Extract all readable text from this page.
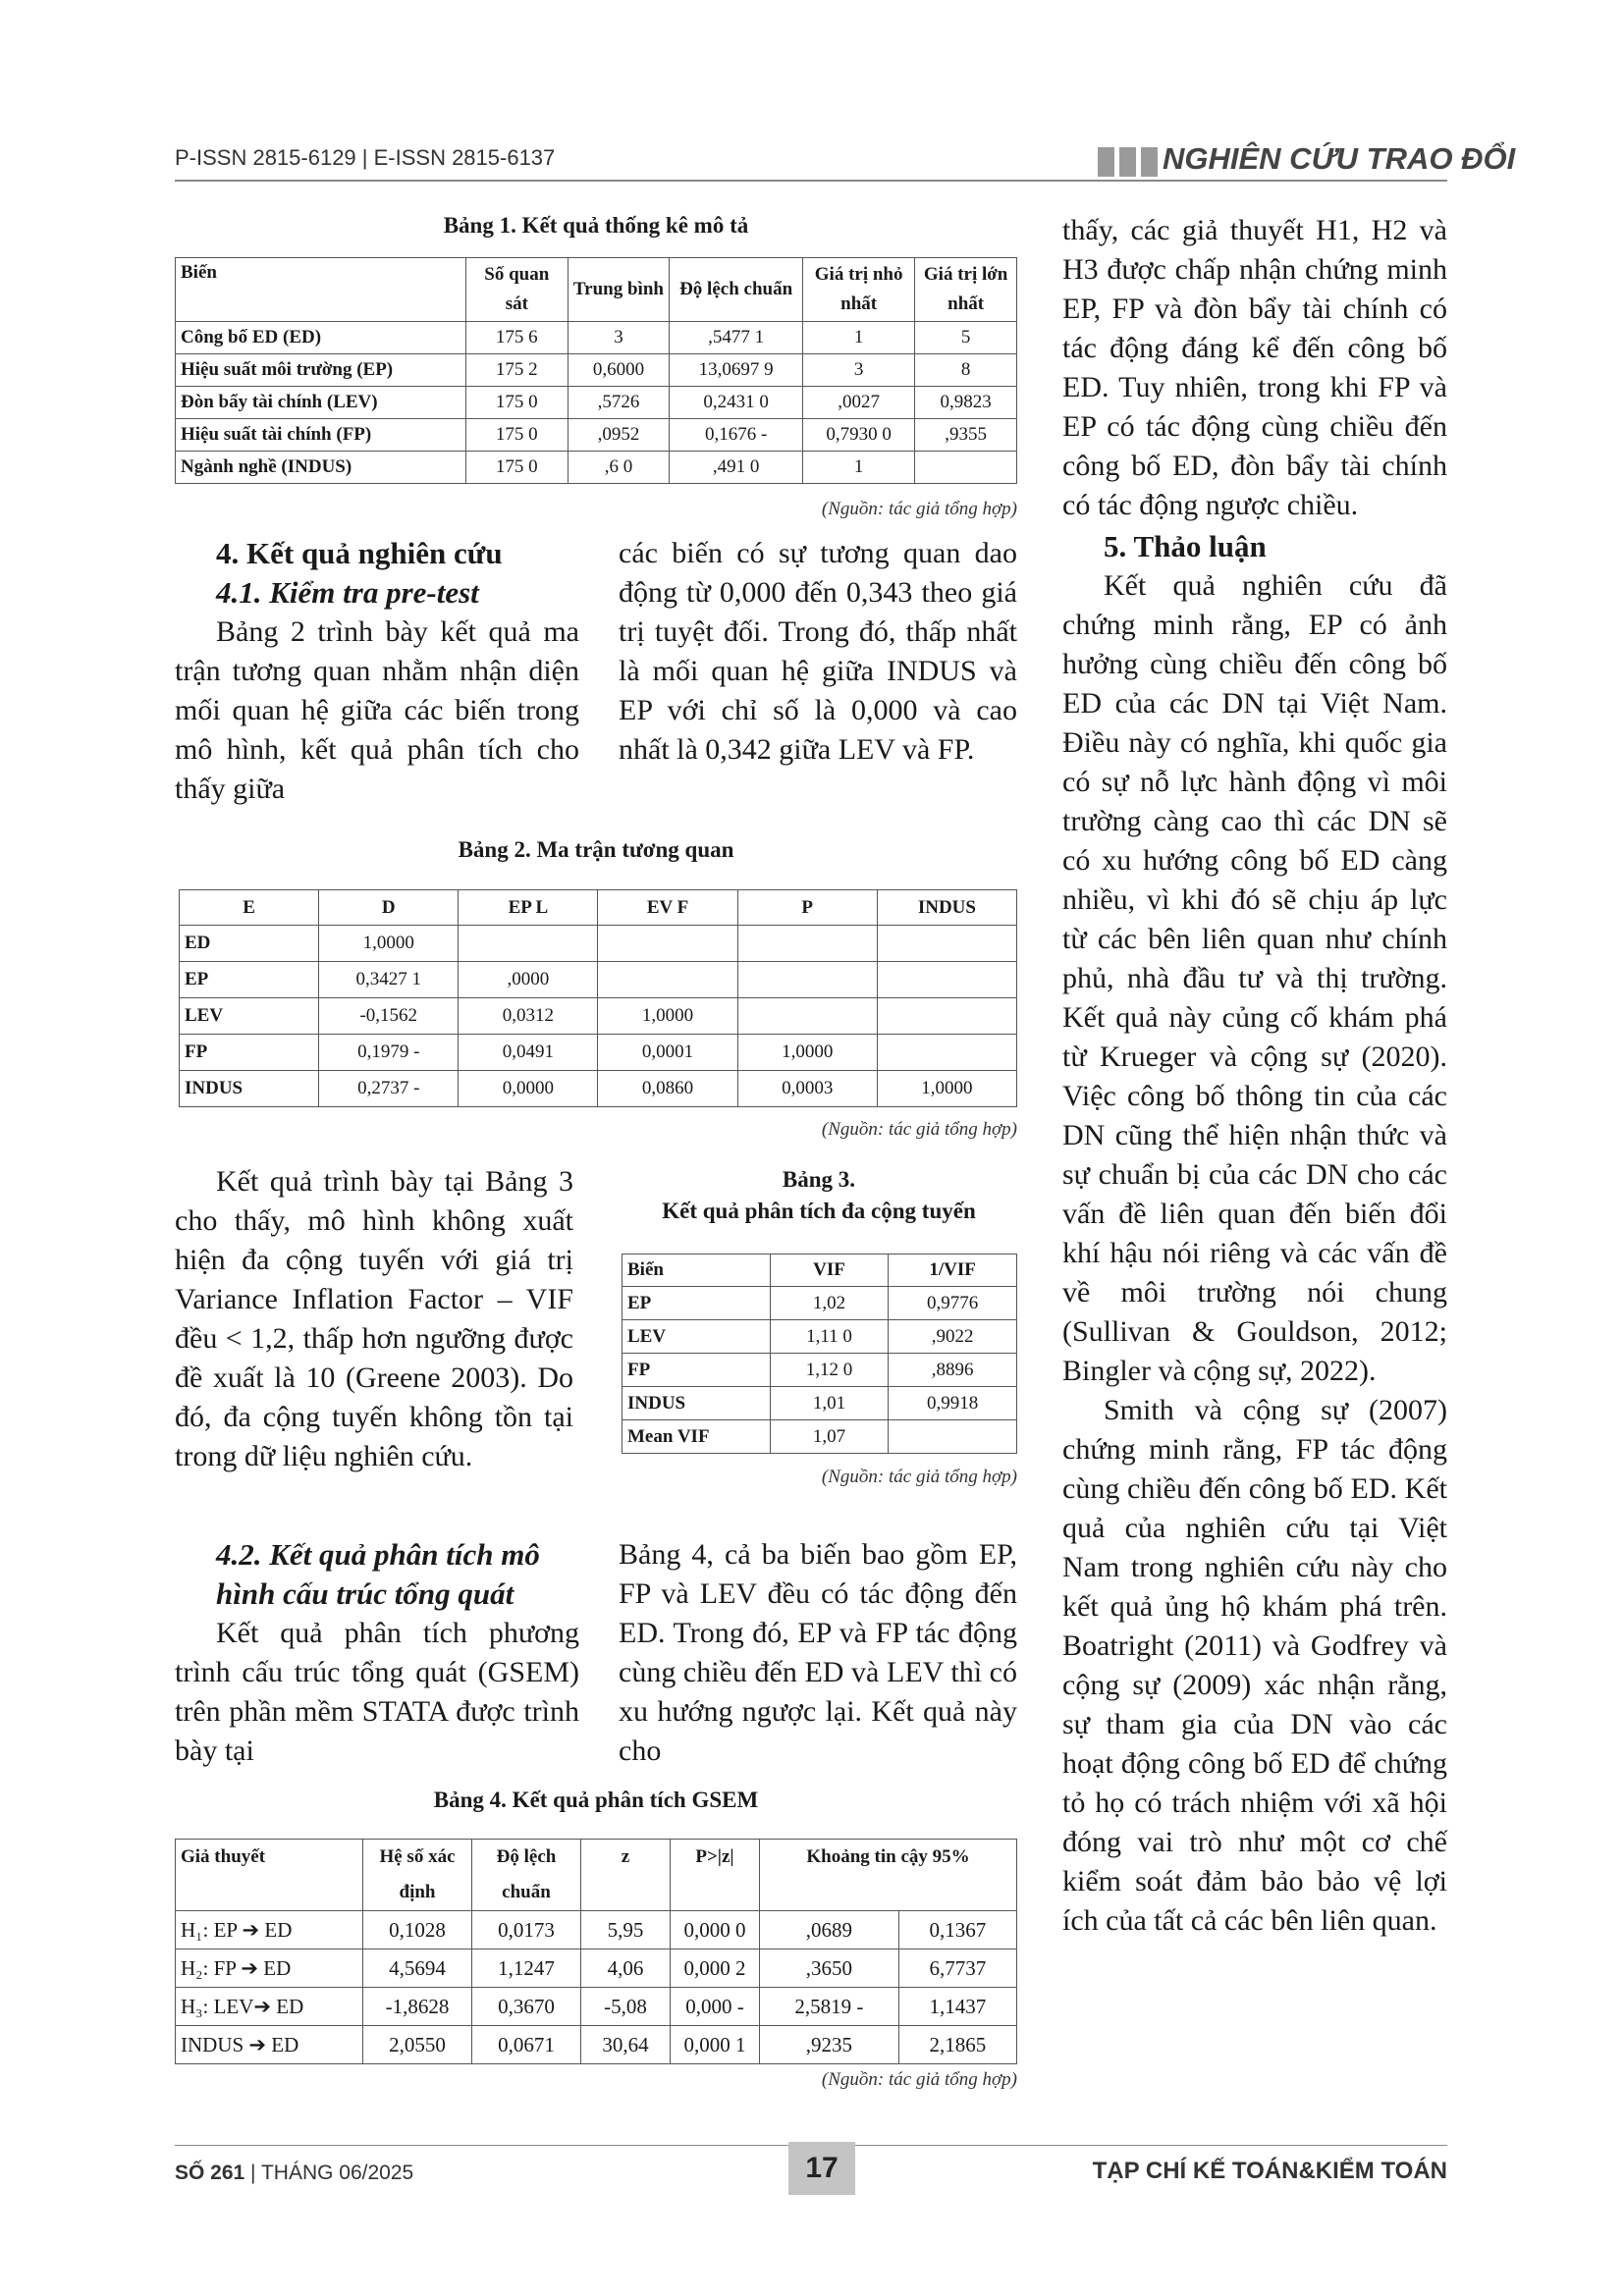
P-ISSN 2815-6129 | E-ISSN 2815-6137	NGHIÊN CỨU TRAO ĐỔI
Bảng 1. Kết quả thống kê mô tả
Biến	Số quan sát	Trung bình	Độ lệch chuẩn	Giá trị nhỏ nhất	Giá trị lớn nhất
Công bố ED (ED)	175 6	3	,5477 1	1	5
Hiệu suất môi trường (EP)	175 2	0,6000	13,0697 9	3	8
Đòn bẩy tài chính (LEV)	175 0	,5726	0,2431 0	,0027	0,9823
Hiệu suất tài chính (FP)	175 0	,0952	0,1676 -	0,7930 0	,9355
Ngành nghề (INDUS)	175 0	,6 0	,491 0	1	
(Nguồn: tác giả tổng hợp)
4. Kết quả nghiên cứu
4.1. Kiểm tra pre-test

Bảng 2 trình bày kết quả ma trận tương quan nhằm nhận diện mối quan hệ giữa các biến trong mô hình, kết quả phân tích cho thấy giữa

các biến có sự tương quan dao động từ 0,000 đến 0,343 theo giá trị tuyệt đối. Trong đó, thấp nhất là mối quan hệ giữa INDUS và EP với chỉ số là 0,000 và cao nhất là 0,342 giữa LEV và FP.

Bảng 2. Ma trận tương quan
E	D	EP L	EV F	P	INDUS
ED	1,0000				
EP	0,3427 1	,0000			
LEV	-0,1562	0,0312	1,0000		
FP	0,1979 -	0,0491	0,0001	1,0000	
INDUS	0,2737 -	0,0000	0,0860	0,0003	1,0000
(Nguồn: tác giả tổng hợp)

Kết quả trình bày tại Bảng 3 cho thấy, mô hình không xuất hiện đa cộng tuyến với giá trị Variance Inflation Factor – VIF đều < 1,2, thấp hơn ngưỡng được đề xuất là 10 (Greene 2003). Do đó, đa cộng tuyến không tồn tại trong dữ liệu nghiên cứu.

Bảng 3.
Kết quả phân tích đa cộng tuyến
Biến	VIF	1/VIF
EP	1,02	0,9776
LEV	1,11 0	,9022
FP	1,12 0	,8896
INDUS	1,01	0,9918
Mean VIF	1,07	
(Nguồn: tác giả tổng hợp)
4.2. Kết quả phân tích mô hình cấu trúc tổng quát

Kết quả phân tích phương trình cấu trúc tổng quát (GSEM) trên phần mềm STATA được trình bày tại

Bảng 4, cả ba biến bao gồm EP, FP và LEV đều có tác động đến ED. Trong đó, EP và FP tác động cùng chiều đến ED và LEV thì có xu hướng ngược lại. Kết quả này cho

Bảng 4. Kết quả phân tích GSEM
Giả thuyết	Hệ số xác định	Độ lệch chuẩn	z	P>|z|	Khoảng tin cậy 95%	
H₁: EP ➔ ED	0,1028	0,0173	5,95	0,000 0	,0689	0,1367
H₂: FP ➔ ED	4,5694	1,1247	4,06	0,000 2	,3650	6,7737
H₃: LEV➔ ED	-1,8628	0,3670	-5,08	0,000 -	2,5819 -	1,1437
INDUS ➔ ED	2,0550	0,0671	30,64	0,000 1	,9235	2,1865
(Nguồn: tác giả tổng hợp)

thấy, các giả thuyết H1, H2 và H3 được chấp nhận chứng minh EP, FP và đòn bẩy tài chính có tác động đáng kể đến công bố ED. Tuy nhiên, trong khi FP và EP có tác động cùng chiều đến công bố ED, đòn bẩy tài chính có tác động ngược chiều.

5. Thảo luận

Kết quả nghiên cứu đã chứng minh rằng, EP có ảnh hưởng cùng chiều đến công bố ED của các DN tại Việt Nam. Điều này có nghĩa, khi quốc gia có sự nỗ lực hành động vì môi trường càng cao thì các DN sẽ có xu hướng công bố ED càng nhiều, vì khi đó sẽ chịu áp lực từ các bên liên quan như chính phủ, nhà đầu tư và thị trường. Kết quả này củng cố khám phá từ Krueger và cộng sự (2020). Việc công bố thông tin của các DN cũng thể hiện nhận thức và sự chuẩn bị của các DN cho các vấn đề liên quan đến biến đổi khí hậu nói riêng và các vấn đề về môi trường nói chung (Sullivan & Gouldson, 2012; Bingler và cộng sự, 2022).

Smith và cộng sự (2007) chứng minh rằng, FP tác động cùng chiều đến công bố ED. Kết quả của nghiên cứu tại Việt Nam trong nghiên cứu này cho kết quả ủng hộ khám phá trên. Boatright (2011) và Godfrey và cộng sự (2009) xác nhận rằng, sự tham gia của DN vào các hoạt động công bố ED để chứng tỏ họ có trách nhiệm với xã hội đóng vai trò như một cơ chế kiểm soát đảm bảo bảo vệ lợi ích của tất cả các bên liên quan.

SỐ 261 | THÁNG 06/2025	17	TẠP CHÍ KẾ TOÁN&KIỂM TOÁN
